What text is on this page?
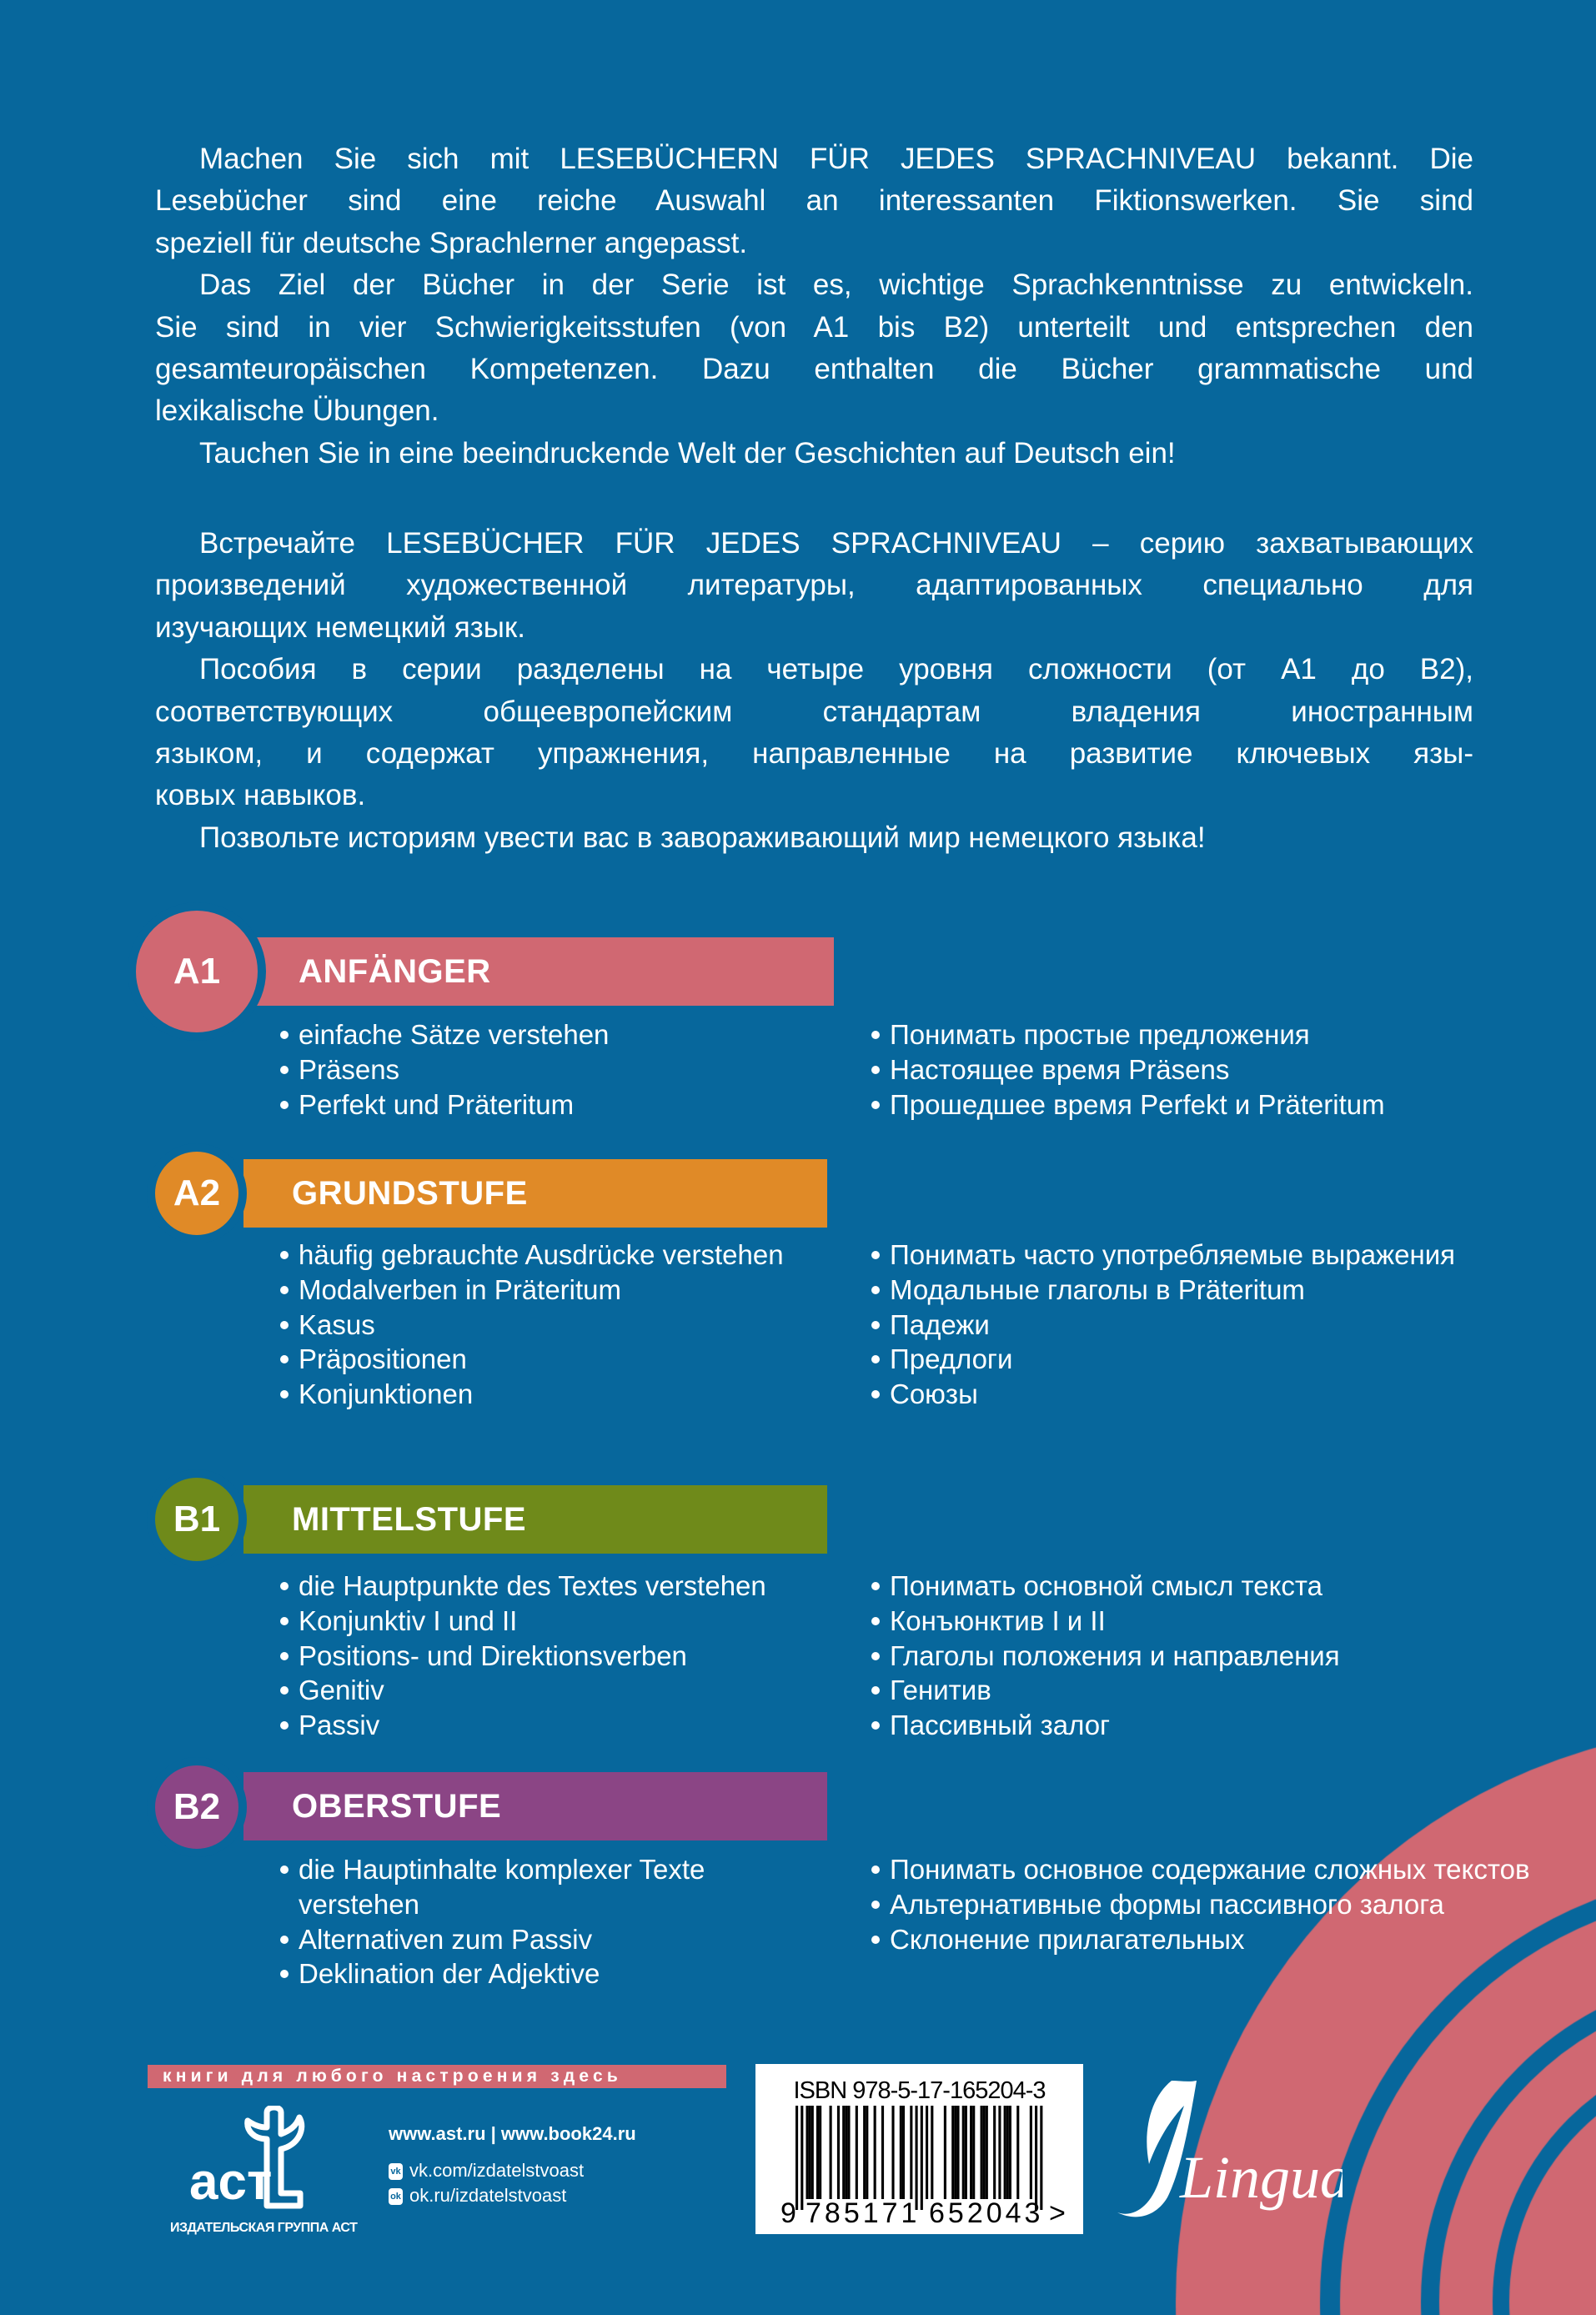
Machen Sie sich mit LESEBÜCHERN FÜR JEDES SPRACHNIVEAU bekannt. Die
Lesebücher sind eine reiche Auswahl an interessanten Fiktionswerken. Sie sind
speziell für deutsche Sprachlerner angepasst.
Das Ziel der Bücher in der Serie ist es, wichtige Sprachkenntnisse zu entwickeln.
Sie sind in vier Schwierigkeitsstufen (von A1 bis B2) unterteilt und entsprechen den
gesamteuropäischen Kompetenzen. Dazu enthalten die Bücher grammatische und
lexikalische Übungen.
Tauchen Sie in eine beeindruckende Welt der Geschichten auf Deutsch ein!
Встречайте LESEBÜCHER FÜR JEDES SPRACHNIVEAU – серию захватывающих
произведений художественной литературы, адаптированных специально для
изучающих немецкий язык.
Пособия в серии разделены на четыре уровня сложности (от А1 до В2),
соответствующих общеевропейским стандартам владения иностранным
языком, и содержат упражнения, направленные на развитие ключевых язы-
ковых навыков.
Позвольте историям увести вас в завораживающий мир немецкого языка!
ANFÄNGER
A1
einfache Sätze verstehen
Präsens
Perfekt und Präteritum
Понимать простые предложения
Настоящее время Präsens
Прошедшее время Perfekt и Präteritum
GRUNDSTUFE
A2
häufig gebrauchte Ausdrücke verstehen
Modalverben in Präteritum
Kasus
Präpositionen
Konjunktionen
Понимать часто употребляемые выражения
Модальные глаголы в Präteritum
Падежи
Предлоги
Союзы
MITTELSTUFE
B1
die Hauptpunkte des Textes verstehen
Konjunktiv I und II
Positions- und Direktionsverben
Genitiv
Passiv
Понимать основной смысл текста
Конъюнктив I и II
Глаголы положения и направления
Генитив
Пассивный залог
OBERSTUFE
B2
die Hauptinhalte komplexer Texte verstehen
Alternativen zum Passiv
Deklination der Adjektive
Понимать основное содержание сложных текстов
Альтернативные формы пассивного залога
Склонение прилагательных
книги для любого настроения здесь
аст
ИЗДАТЕЛЬСКАЯ ГРУППА АСТ
www.ast.ru | www.book24.ru
vk vk.com/izdatelstvoast
ok ok.ru/izdatelstvoast
ISBN 978-5-17-165204-3
9 785171 652043 >
Lingua
